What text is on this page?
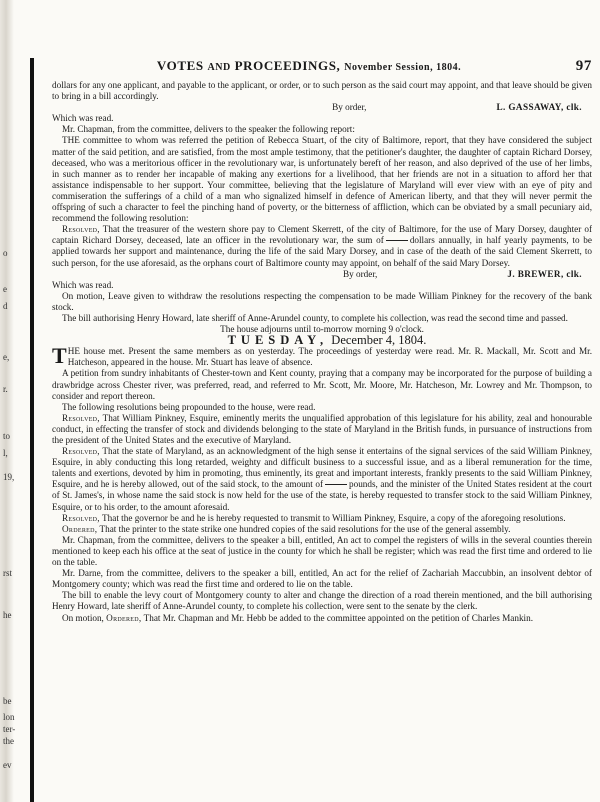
o
e
d
e,
r.
to
l,
19,
rst
he
be
lon
ter-
the
ev
VOTES AND PROCEEDINGS, November Session, 1804.	97

dollars for any one applicant, and payable to the applicant, or order, or to such person as the said court may appoint, and that leave should be given to bring in a bill accordingly.

By order,	L. GASSAWAY, clk.

Which was read.

Mr. Chapman, from the committee, delivers to the speaker the following report:

THE committee to whom was referred the petition of Rebecca Stuart, of the city of Baltimore, report, that they have considered the subject matter of the said petition, and are satisfied, from the most ample testimony, that the petitioner's daughter, the daughter of captain Richard Dorsey, deceased, who was a meritorious officer in the revolutionary war, is unfortunately bereft of her reason, and also deprived of the use of her limbs, in such manner as to render her incapable of making any exertions for a livelihood, that her friends are not in a situation to afford her that assistance indispensable to her support. Your committee, believing that the legislature of Maryland will ever view with an eye of pity and commiseration the sufferings of a child of a man who signalized himself in defence of American liberty, and that they will never permit the offspring of such a character to feel the pinching hand of poverty, or the bitterness of affliction, which can be obviated by a small pecuniary aid, recommend the following resolution:

Resolved, That the treasurer of the western shore pay to Clement Skerrett, of the city of Baltimore, for the use of Mary Dorsey, daughter of captain Richard Dorsey, deceased, late an officer in the revolutionary war, the sum of	dollars annually, in half yearly payments, to be applied towards her support and maintenance, during the life of the said Mary Dorsey, and in case of the death of the said Clement Skerrett, to such person, for the use aforesaid, as the orphans court of Baltimore county may appoint, on behalf of the said Mary Dorsey.

By order,	J. BREWER, clk.

Which was read.

On motion, Leave given to withdraw the resolutions respecting the compensation to be made William Pinkney for the recovery of the bank stock.

The bill authorising Henry Howard, late sheriff of Anne-Arundel county, to complete his collection, was read the second time and passed.

The house adjourns until to-morrow morning 9 o'clock.

TUESDAY, December 4, 1804.

THE house met. Present the same members as on yesterday. The proceedings of yesterday were read. Mr. R. Mackall, Mr. Scott and Mr. Hatcheson, appeared in the house. Mr. Stuart has leave of absence.

A petition from sundry inhabitants of Chester-town and Kent county, praying that a company may be incorporated for the purpose of building a drawbridge across Chester river, was preferred, read, and referred to Mr. Scott, Mr. Moore, Mr. Hatcheson, Mr. Lowrey and Mr. Thompson, to consider and report thereon.

The following resolutions being propounded to the house, were read.

Resolved, That William Pinkney, Esquire, eminently merits the unqualified approbation of this legislature for his ability, zeal and honourable conduct, in effecting the transfer of stock and dividends belonging to the state of Maryland in the British funds, in pursuance of instructions from the president of the United States and the executive of Maryland.

Resolved, That the state of Maryland, as an acknowledgment of the high sense it entertains of the signal services of the said William Pinkney, Esquire, in ably conducting this long retarded, weighty and difficult business to a successful issue, and as a liberal remuneration for the time, talents and exertions, devoted by him in promoting, thus eminently, its great and important interests, frankly presents to the said William Pinkney, Esquire, and he is hereby allowed, out of the said stock, to the amount of	pounds, and the minister of the United States resident at the court of St. James's, in whose name the said stock is now held for the use of the state, is hereby requested to transfer stock to the said William Pinkney, Esquire, or to his order, to the amount aforesaid.

Resolved, That the governor be and he is hereby requested to transmit to William Pinkney, Esquire, a copy of the aforegoing resolutions.

Ordered, That the printer to the state strike one hundred copies of the said resolutions for the use of the general assembly.

Mr. Chapman, from the committee, delivers to the speaker a bill, entitled, An act to compel the registers of wills in the several counties therein mentioned to keep each his office at the seat of justice in the county for which he shall be register; which was read the first time and ordered to lie on the table.

Mr. Darne, from the committee, delivers to the speaker a bill, entitled, An act for the relief of Zachariah Maccubbin, an insolvent debtor of Montgomery county; which was read the first time and ordered to lie on the table.

The bill to enable the levy court of Montgomery county to alter and change the direction of a road therein mentioned, and the bill authorising Henry Howard, late sheriff of Anne-Arundel county, to complete his collection, were sent to the senate by the clerk.

On motion, Ordered, That Mr. Chapman and Mr. Hebb be added to the committee appointed on the petition of Charles Mankin.
